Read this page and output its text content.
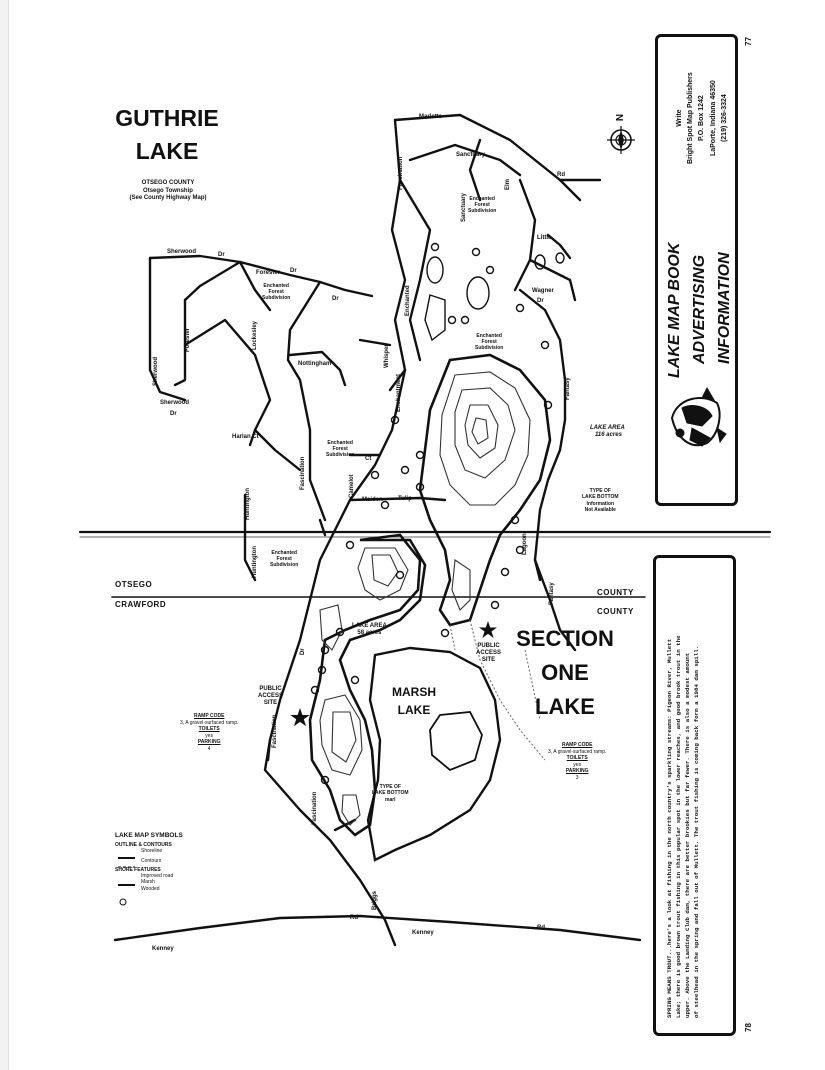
77
78
GUTHRIE
LAKE
OTSEGO COUNTY
Otsego Township
(See County Highway Map)
LAKE AREA
116 acres
TYPE OF
LAKE BOTTOM
Information
Not Available
SECTION
ONE
LAKE
LAKE AREA
58 acres
TYPE OF
LAKE BOTTOM
marl
PUBLIC
ACCESS
SITE
RAMP CODE
3, A gravel-surfaced ramp.
TOILETS
yes
PARKING
3
PUBLIC
ACCESS
SITE
RAMP CODE
3, A gravel-surfaced ramp.
TOILETS
yes
PARKING
4
MARSH
LAKE
OTSEGO
CRAWFORD
COUNTY
COUNTY
Sherwood	Dr
Forester Dr
Sherwood
Dr
Dr
Nottingham
Harlan Ct
Marlette
Sanctuary
Rd
Little
Wagner
Dr
Maiden	Tulip
Ct
Kenney
Kenney
Rd
Rd
Forester
Sherwood
Lockesley
Fascination
Fascination
Enchanted
Whisper
Enchantment
Sanctuary
Fantasy
Camelot
Huntington
Huntington
Lagoon
Fantasy
Fascination
Fascination
Dr
Briggs
Elm
Enchanted
Forest
Subdivision
Enchanted
Forest
Subdivision
Enchanted
Forest
Subdivision
Enchanted
Forest
Subdivision
Enchanted
Forest
Subdivision
N
LAKE MAP SYMBOLS
OUTLINE & CONTOURS
Shoreline
Contours
SHORE FEATURES
Improved road
Marsh
Wooded
LAKE MAP BOOK ADVERTISING INFORMATION
Write Bright Spot Map Publishers P.O. Box 1242 LaPorte, Indiana 46350 (219) 326-3324
SPRING MEANS TROUT...here's a look at fishing in the north country's sparkling streams: Pigeon River, Mullett Lake; there is good brown trout fishing in this popular spot in the lower reaches, and good brook trout in the upper. Above the Landing Club dam, there are better brookies but far fewer. There is also a modest amount of steelhead in the spring and fall out of Mullett. The trout fishing is coming back form a 1984 dam spill.
